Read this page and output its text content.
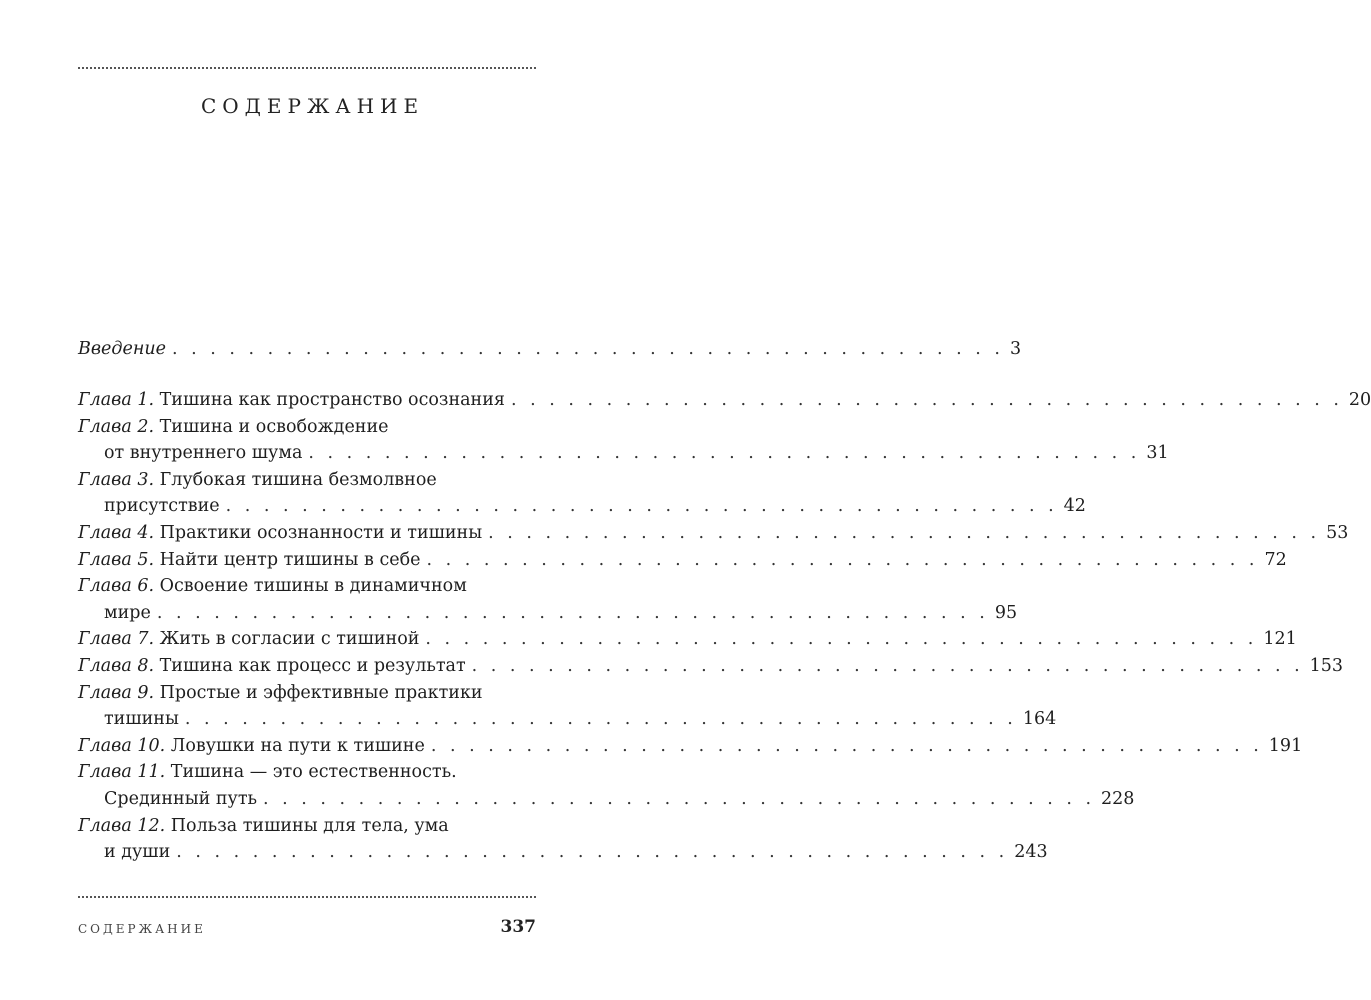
СОДЕРЖАНИЕ
Введение . . .	3
Глава 1. Тишина как пространство осознания . . .	20
Глава 2. Тишина и освобождение
от внутреннего шума . . .	31
Глава 3. Глубокая тишина безмолвное
присутствие . . .	42
Глава 4. Практики осознанности и тишины . . .	53
Глава 5. Найти центр тишины в себе . . .	72
Глава 6. Освоение тишины в динамичном
мире . . .	95
Глава 7. Жить в согласии с тишиной . . .	121
Глава 8. Тишина как процесс и результат . . .	153
Глава 9. Простые и эффективные практики
тишины . . .	164
Глава 10. Ловушки на пути к тишине . . .	191
Глава 11. Тишина — это естественность.
Срединный путь . . .	228
Глава 12. Польза тишины для тела, ума
и души . . .	243
СОДЕРЖАНИЕ	337
